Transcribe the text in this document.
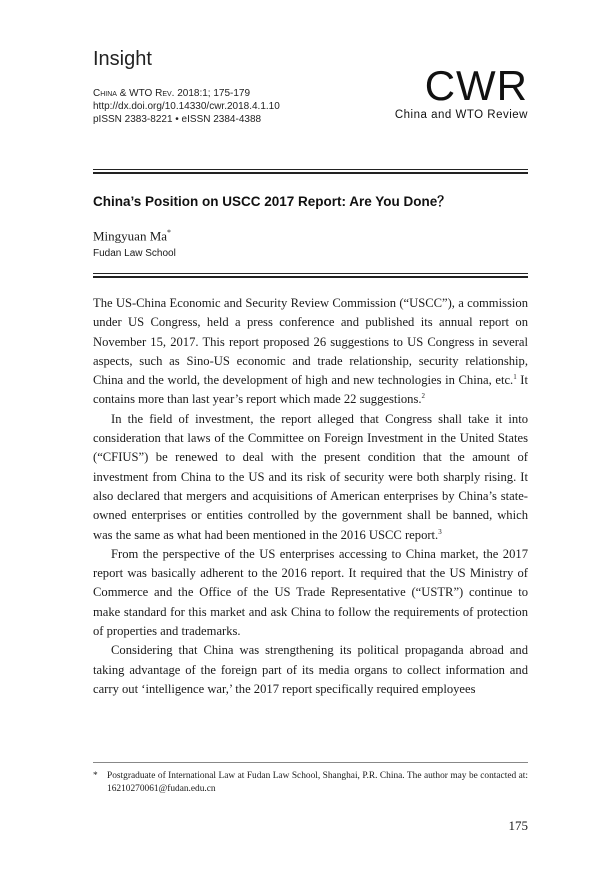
Insight
China & WTO Rev. 2018:1; 175-179
http://dx.doi.org/10.14330/cwr.2018.4.1.10
pISSN 2383-8221 • eISSN 2384-4388
CWR
China and WTO Review
China’s Position on USCC 2017 Report: Are You Done？
Mingyuan Ma*
Fudan Law School

The US-China Economic and Security Review Commission (“USCC”), a commission under US Congress, held a press conference and published its annual report on November 15, 2017. This report proposed 26 suggestions to US Congress in several aspects, such as Sino-US economic and trade relationship, security relationship, China and the world, the development of high and new technologies in China, etc.$^1$ It contains more than last year’s report which made 22 suggestions.$^2$

In the field of investment, the report alleged that Congress shall take it into consideration that laws of the Committee on Foreign Investment in the United States (“CFIUS”) be renewed to deal with the present condition that the amount of investment from China to the US and its risk of security were both sharply rising. It also declared that mergers and acquisitions of American enterprises by China’s state-owned enterprises or entities controlled by the government shall be banned, which was the same as what had been mentioned in the 2016 USCC report.$^3$

From the perspective of the US enterprises accessing to China market, the 2017 report was basically adherent to the 2016 report. It required that the US Ministry of Commerce and the Office of the US Trade Representative (“USTR”) continue to make standard for this market and ask China to follow the requirements of protection of properties and trademarks.

Considering that China was strengthening its political propaganda abroad and taking advantage of the foreign part of its media organs to collect information and carry out ‘intelligence war,’ the 2017 report specifically required employees

* Postgraduate of International Law at Fudan Law School, Shanghai, P.R. China. The author may be contacted at: 16210270061@fudan.edu.cn
175
